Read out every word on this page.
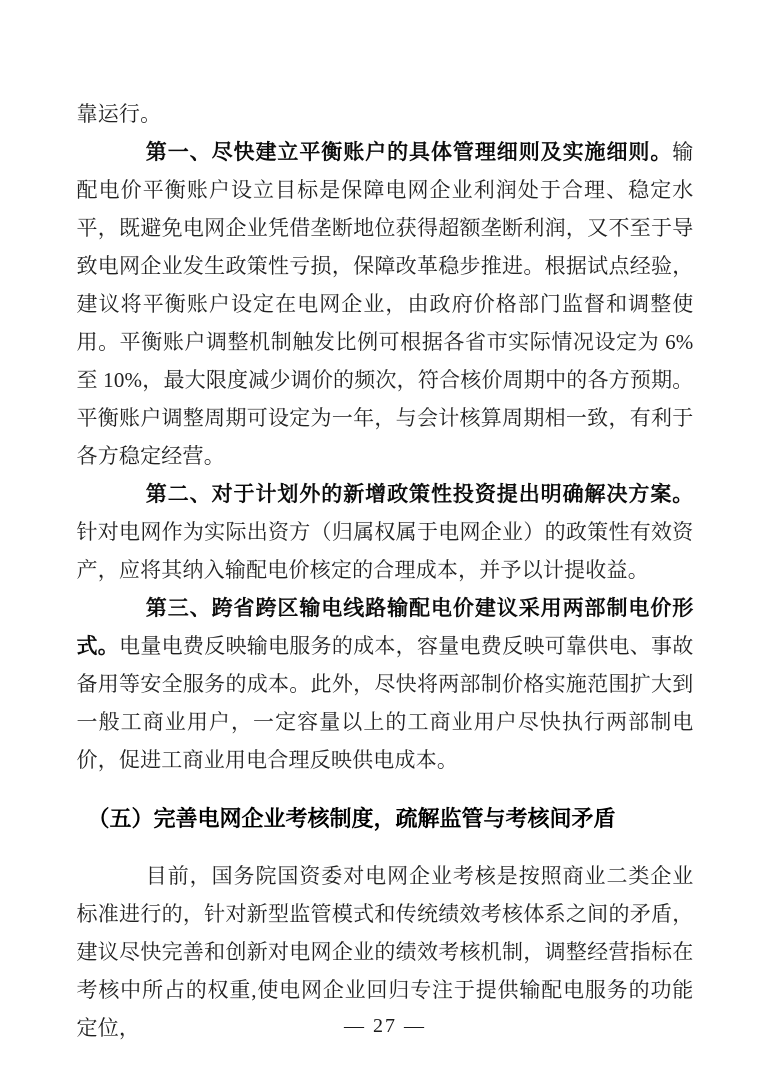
靠运行。

第一、尽快建立平衡账户的具体管理细则及实施细则。输配电价平衡账户设立目标是保障电网企业利润处于合理、稳定水平，既避免电网企业凭借垄断地位获得超额垄断利润，又不至于导致电网企业发生政策性亏损，保障改革稳步推进。根据试点经验，建议将平衡账户设定在电网企业，由政府价格部门监督和调整使用。平衡账户调整机制触发比例可根据各省市实际情况设定为 6%至 10%，最大限度减少调价的频次，符合核价周期中的各方预期。平衡账户调整周期可设定为一年，与会计核算周期相一致，有利于各方稳定经营。

第二、对于计划外的新增政策性投资提出明确解决方案。针对电网作为实际出资方（归属权属于电网企业）的政策性有效资产，应将其纳入输配电价核定的合理成本，并予以计提收益。

第三、跨省跨区输电线路输配电价建议采用两部制电价形式。电量电费反映输电服务的成本，容量电费反映可靠供电、事故备用等安全服务的成本。此外，尽快将两部制价格实施范围扩大到一般工商业用户，一定容量以上的工商业用户尽快执行两部制电价，促进工商业用电合理反映供电成本。

（五）完善电网企业考核制度，疏解监管与考核间矛盾

目前，国务院国资委对电网企业考核是按照商业二类企业标准进行的，针对新型监管模式和传统绩效考核体系之间的矛盾，建议尽快完善和创新对电网企业的绩效考核机制，调整经营指标在考核中所占的权重,使电网企业回归专注于提供输配电服务的功能定位，	— 27 —
